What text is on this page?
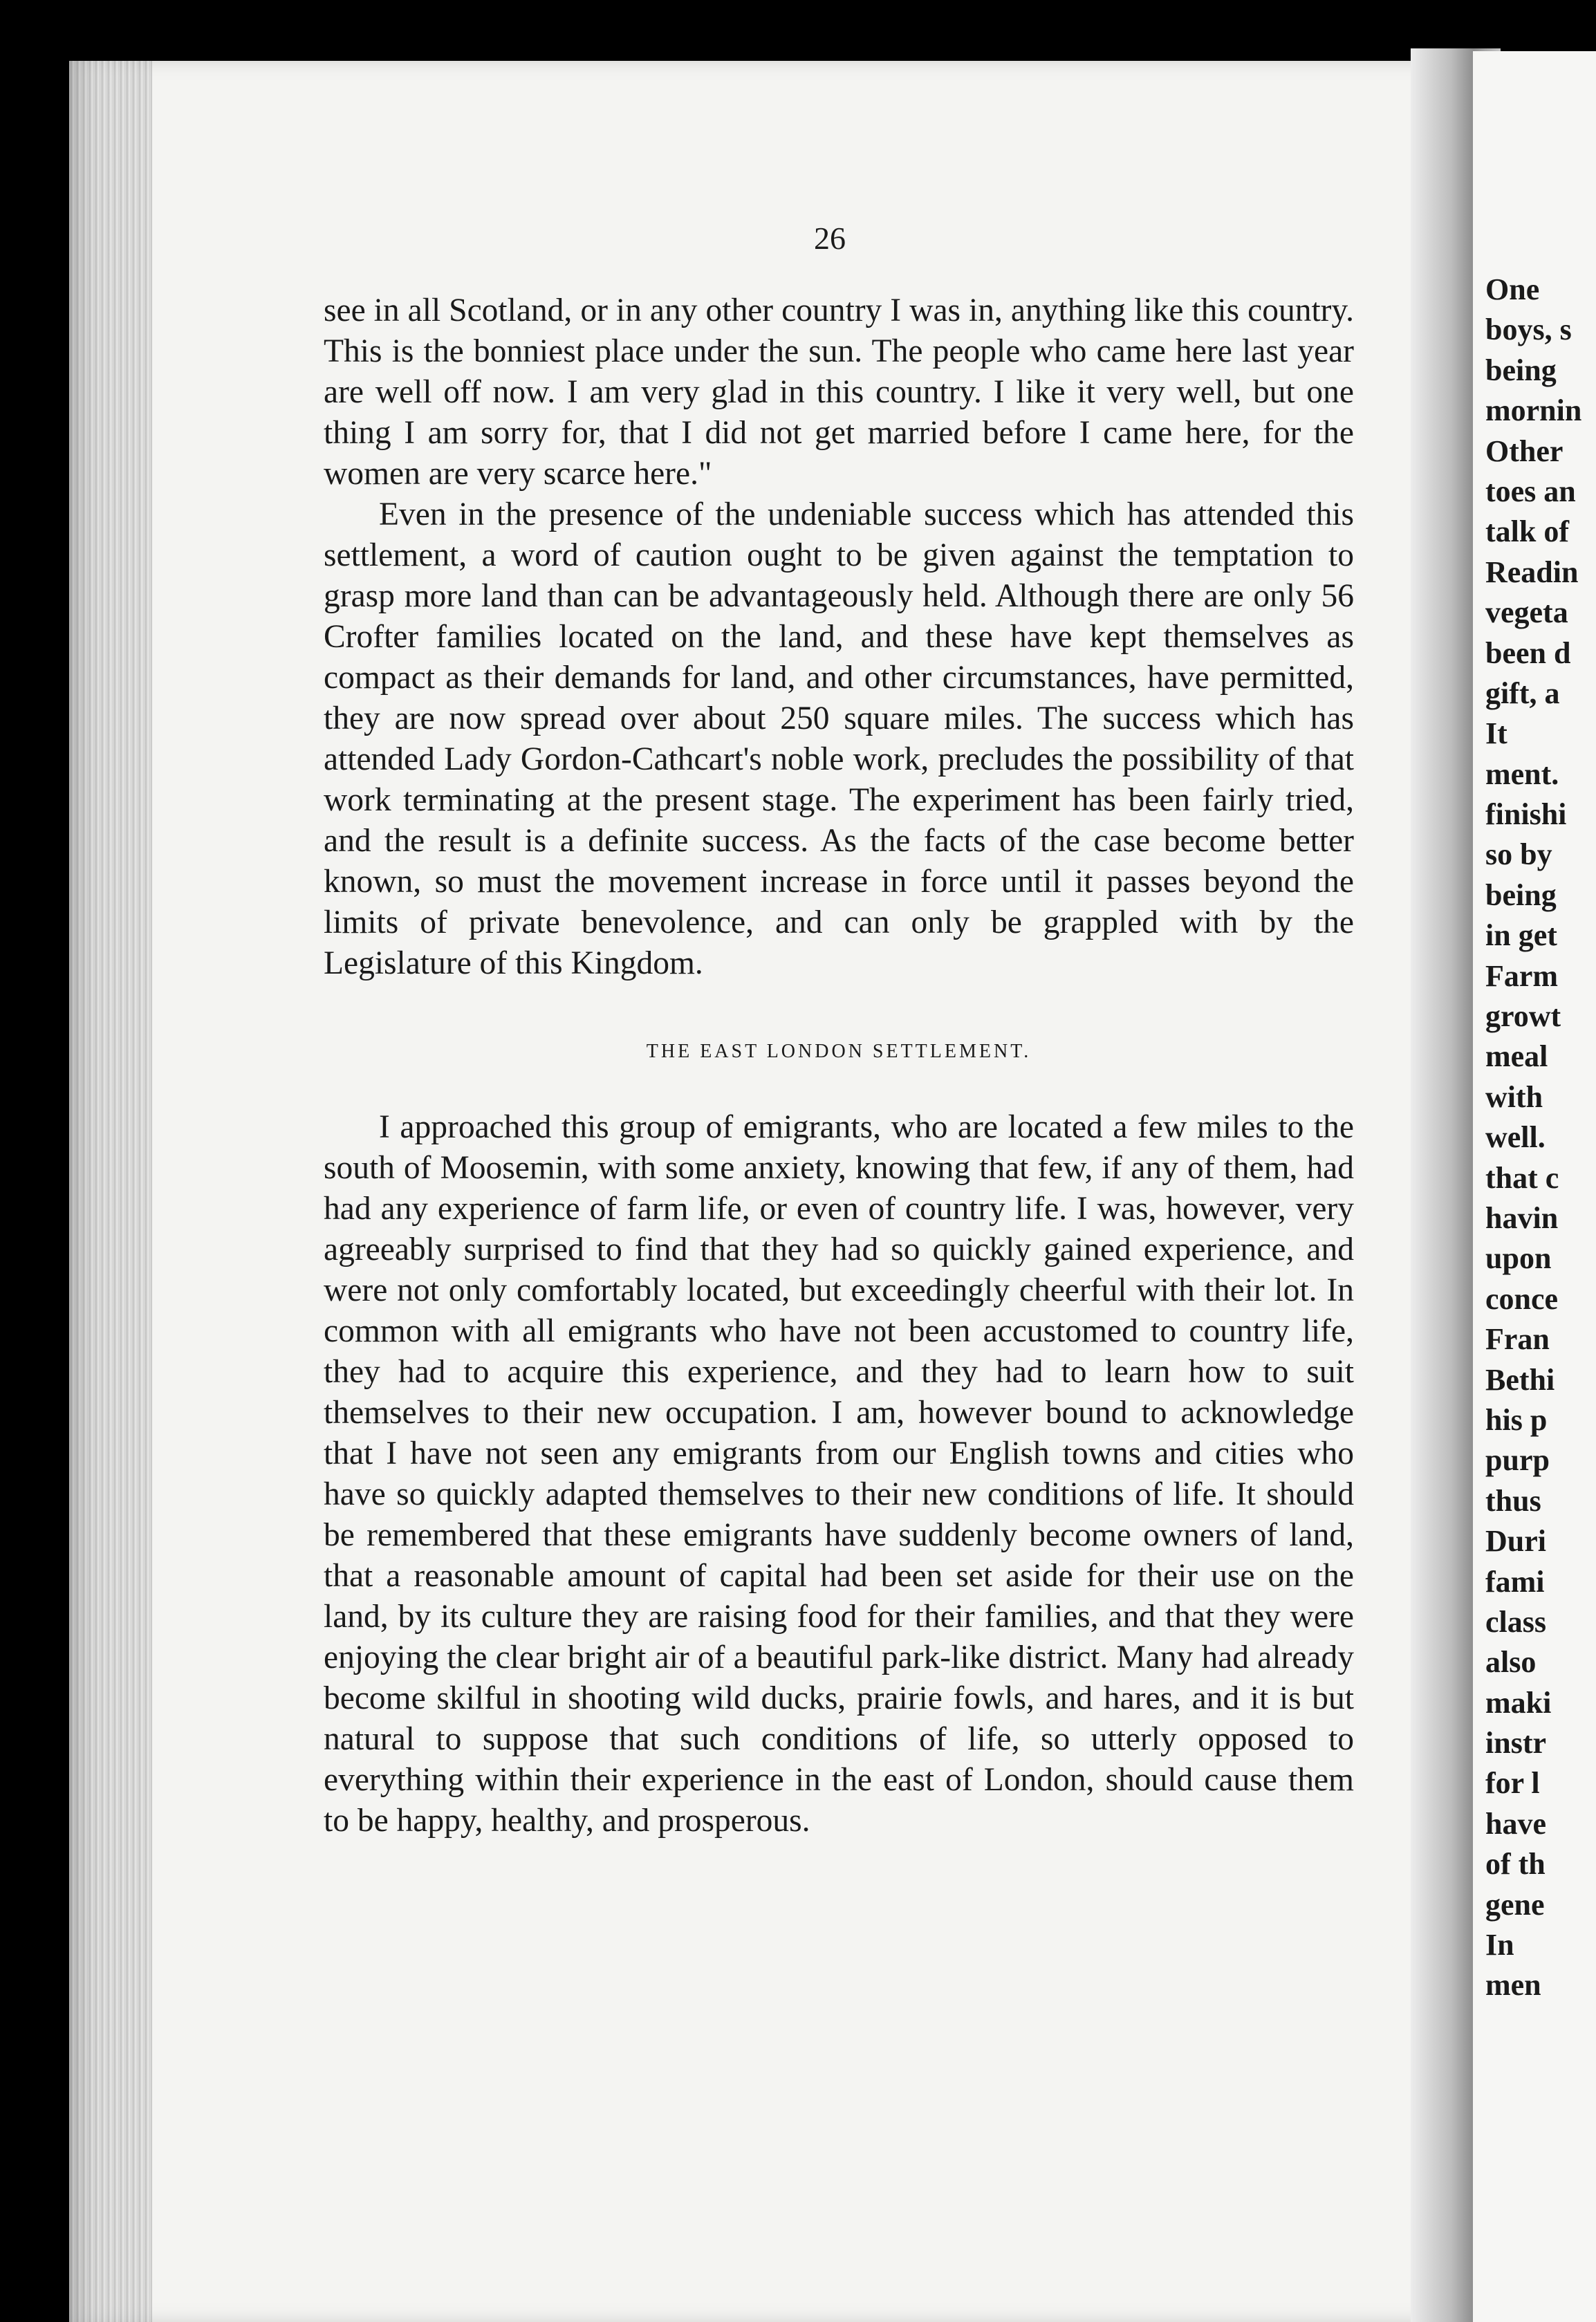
26

see in all Scotland, or in any other country I was in, anything like this country. This is the bonniest place under the sun. The people who came here last year are well off now. I am very glad in this country. I like it very well, but one thing I am sorry for, that I did not get married before I came here, for the women are very scarce here."

Even in the presence of the undeniable success which has attended this settlement, a word of caution ought to be given against the temptation to grasp more land than can be advantageously held. Although there are only 56 Crofter families located on the land, and these have kept themselves as compact as their demands for land, and other circumstances, have permitted, they are now spread over about 250 square miles. The success which has attended Lady Gordon-Cathcart's noble work, precludes the possibility of that work terminating at the present stage. The experiment has been fairly tried, and the result is a definite success. As the facts of the case become better known, so must the movement increase in force until it passes beyond the limits of private benevolence, and can only be grappled with by the Legislature of this Kingdom.

THE EAST LONDON SETTLEMENT.

I approached this group of emigrants, who are located a few miles to the south of Moosemin, with some anxiety, knowing that few, if any of them, had had any experience of farm life, or even of country life. I was, however, very agreeably surprised to find that they had so quickly gained experience, and were not only comfortably located, but exceedingly cheerful with their lot. In common with all emigrants who have not been accustomed to country life, they had to acquire this experience, and they had to learn how to suit themselves to their new occupation. I am, however bound to acknowledge that I have not seen any emigrants from our English towns and cities who have so quickly adapted themselves to their new conditions of life. It should be remembered that these emigrants have suddenly become owners of land, that a reasonable amount of capital had been set aside for their use on the land, by its culture they are raising food for their families, and that they were enjoying the clear bright air of a beautiful park-like district. Many had already become skilful in shooting wild ducks, prairie fowls, and hares, and it is but natural to suppose that such conditions of life, so utterly opposed to everything within their experience in the east of London, should cause them to be happy, healthy, and prosperous.

One
boys, s
being
mornin
Other
toes an
talk of
Readin
vegeta
been d
gift, a
It
ment.
finishi
so by
being
in get
Farm
growt
meal
with
well.
that c
havin
upon
conce
Fran
Bethi
his p
purp
thus
Duri
fami
class
also
maki
instr
for l
have
of th
gene
In
men
